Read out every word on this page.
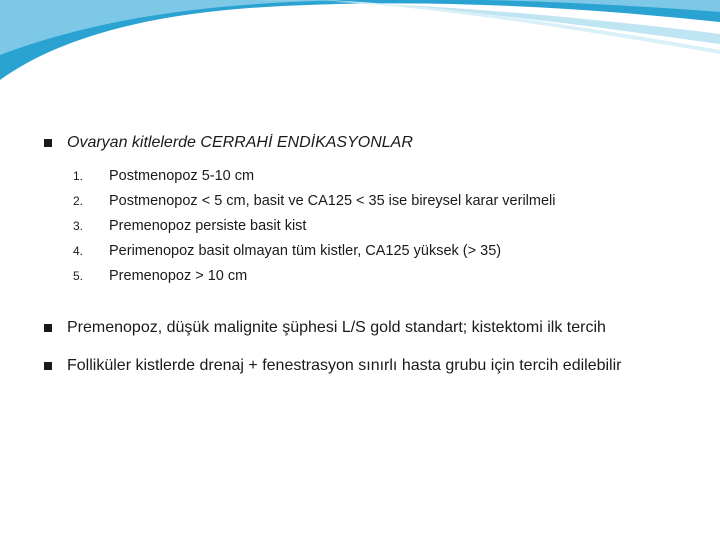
Ovaryan kitlelerde CERRAHİ ENDİKASYONLAR
1. Postmenopoz 5-10 cm
2. Postmenopoz < 5 cm, basit ve CA125 < 35 ise bireysel karar verilmeli
3. Premenopoz persiste basit kist
4. Perimenopoz basit olmayan tüm kistler, CA125 yüksek (> 35)
5. Premenopoz > 10 cm
Premenopoz, düşük malignite şüphesi L/S gold standart; kistektomi ilk tercih
Folliküler kistlerde drenaj + fenestrasyon sınırlı hasta grubu için tercih edilebilir
